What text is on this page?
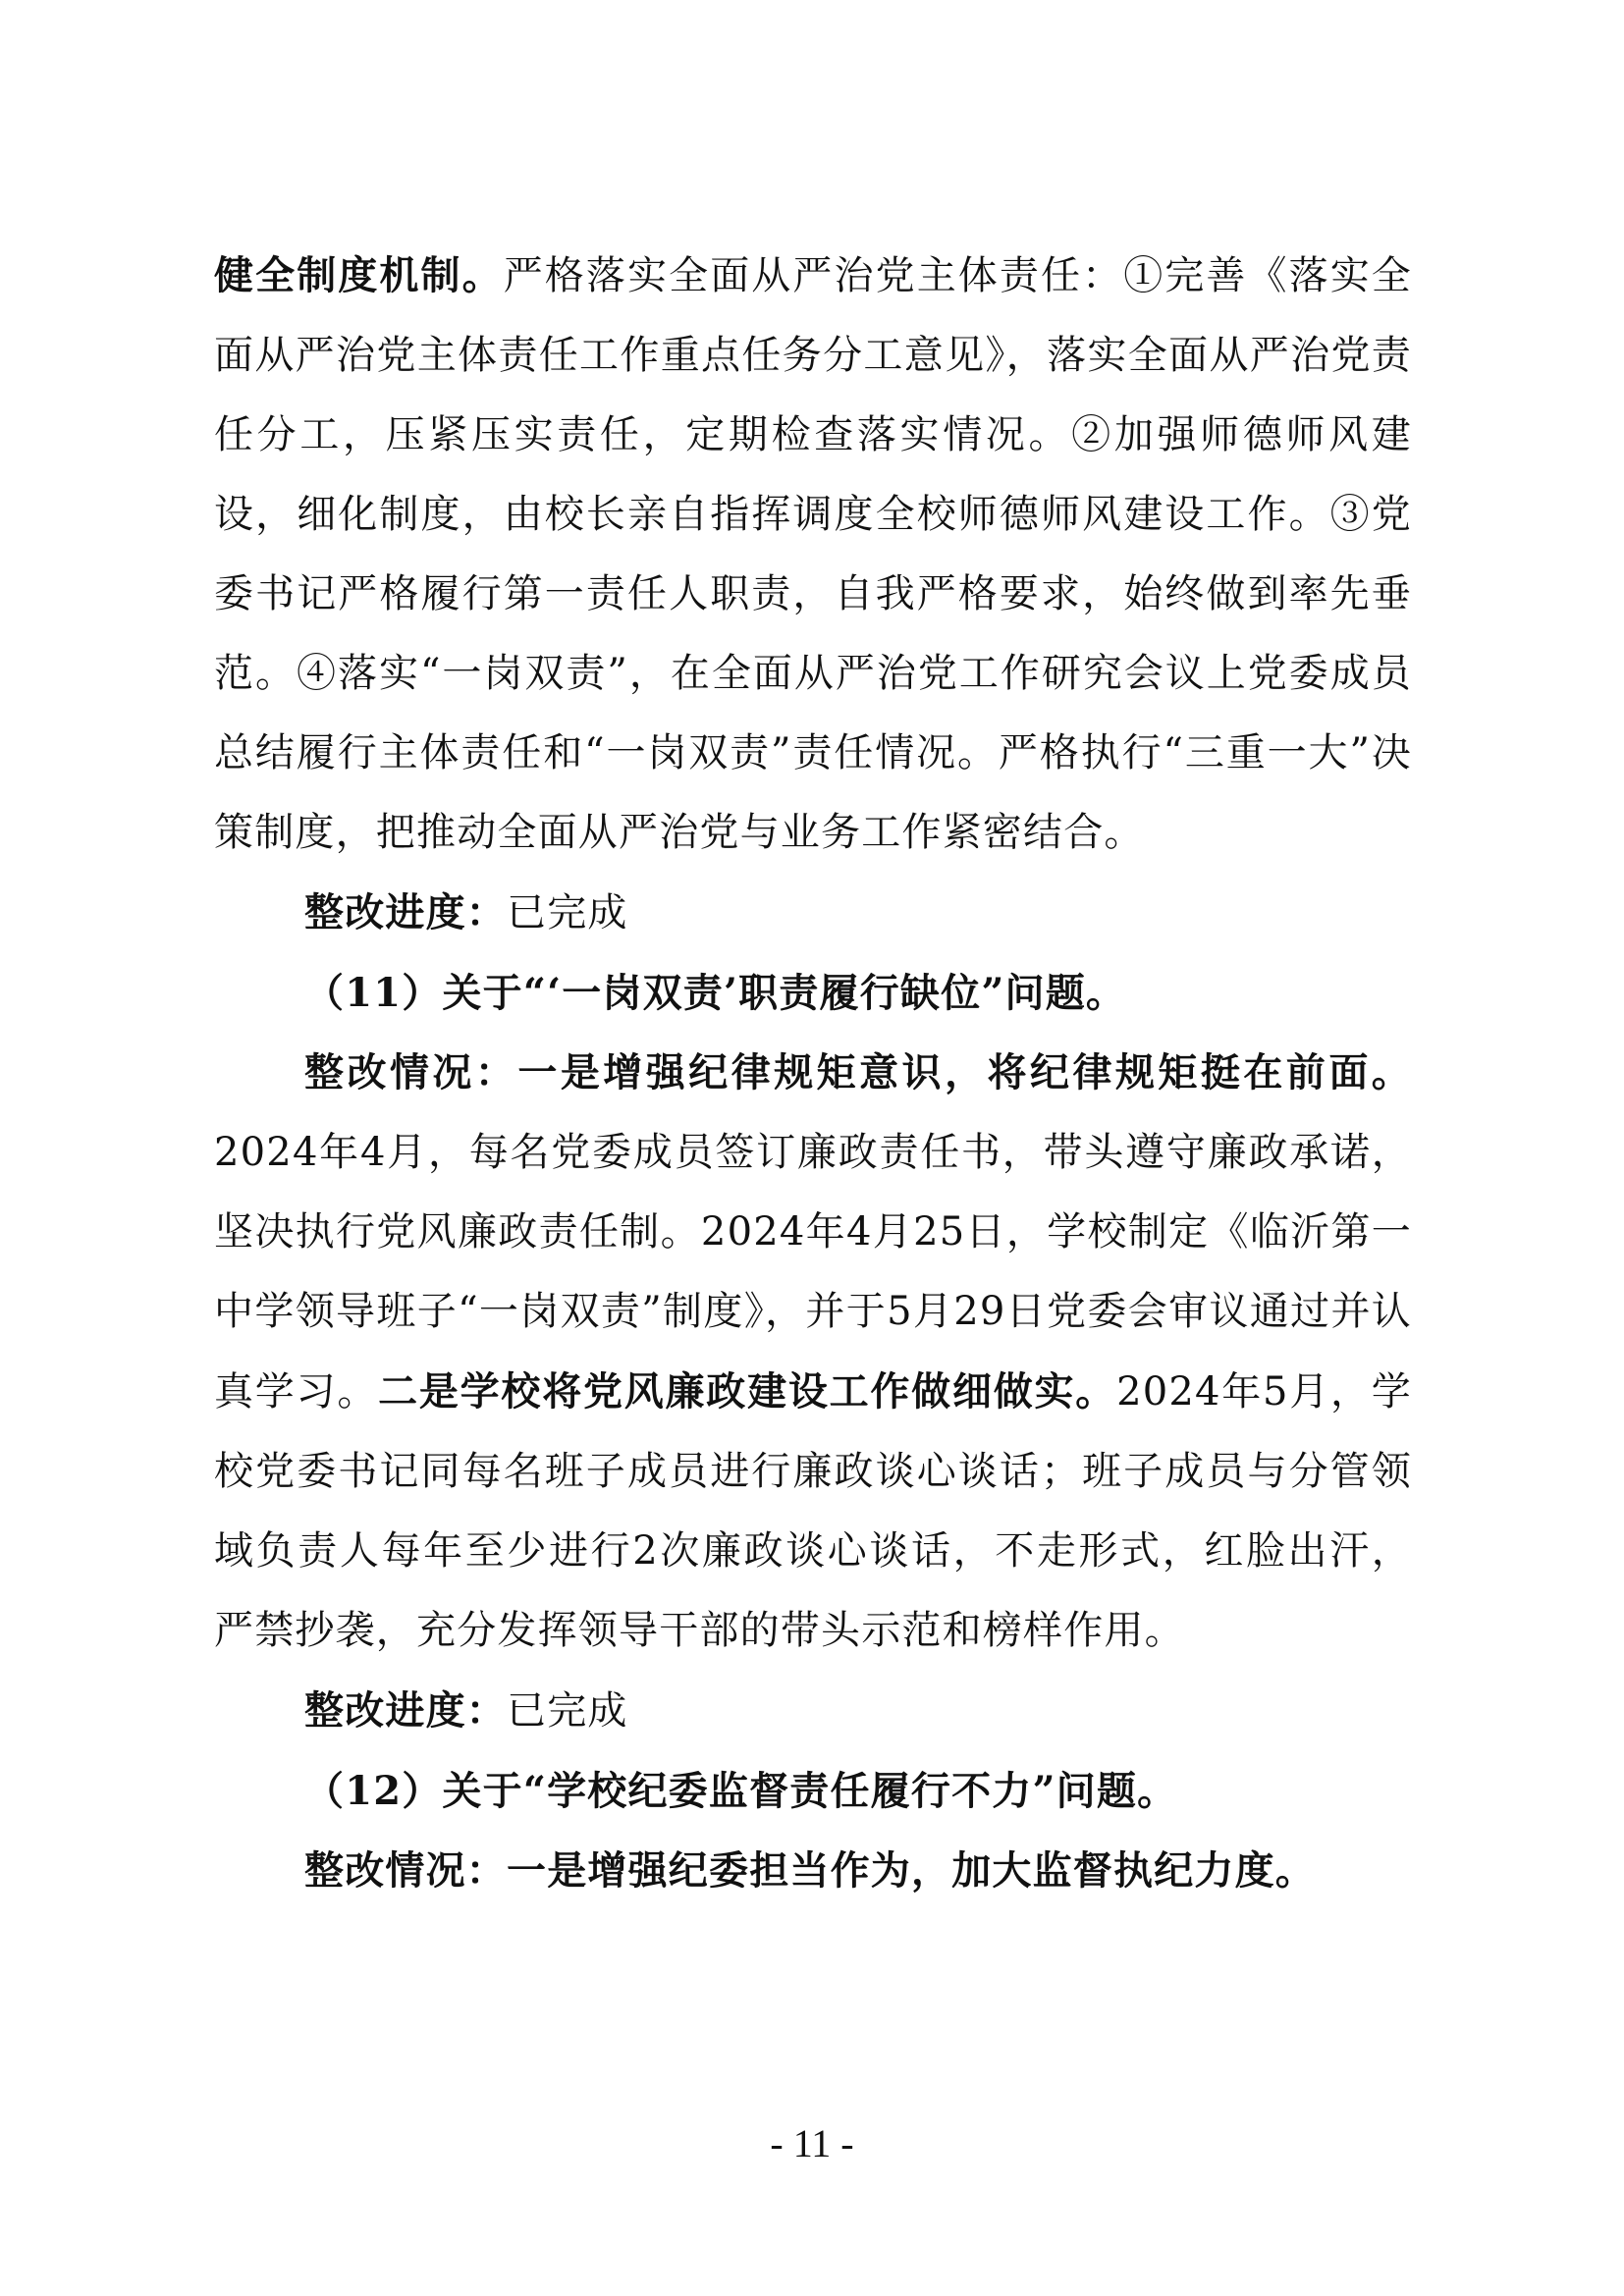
健全制度机制。严格落实全面从严治党主体责任：①完善《落实全面从严治党主体责任工作重点任务分工意见》，落实全面从严治党责任分工，压紧压实责任，定期检查落实情况。②加强师德师风建设，细化制度，由校长亲自指挥调度全校师德师风建设工作。③党委书记严格履行第一责任人职责，自我严格要求，始终做到率先垂范。④落实“一岗双责”，在全面从严治党工作研究会议上党委成员总结履行主体责任和“一岗双责”责任情况。严格执行“三重一大”决策制度，把推动全面从严治党与业务工作紧密结合。

整改进度：已完成

（11）关于“‘一岗双责’职责履行缺位”问题。

整改情况：一是增强纪律规矩意识，将纪律规矩挺在前面。2024年4月，每名党委成员签订廉政责任书，带头遵守廉政承诺，坚决执行党风廉政责任制。2024年4月25日，学校制定《临沂第一中学领导班子“一岗双责”制度》，并于5月29日党委会审议通过并认真学习。二是学校将党风廉政建设工作做细做实。2024年5月，学校党委书记同每名班子成员进行廉政谈心谈话；班子成员与分管领域负责人每年至少进行2次廉政谈心谈话，不走形式，红脸出汗，严禁抄袭，充分发挥领导干部的带头示范和榜样作用。

整改进度：已完成

（12）关于“学校纪委监督责任履行不力”问题。

整改情况：一是增强纪委担当作为，加大监督执纪力度。

- 11 -
